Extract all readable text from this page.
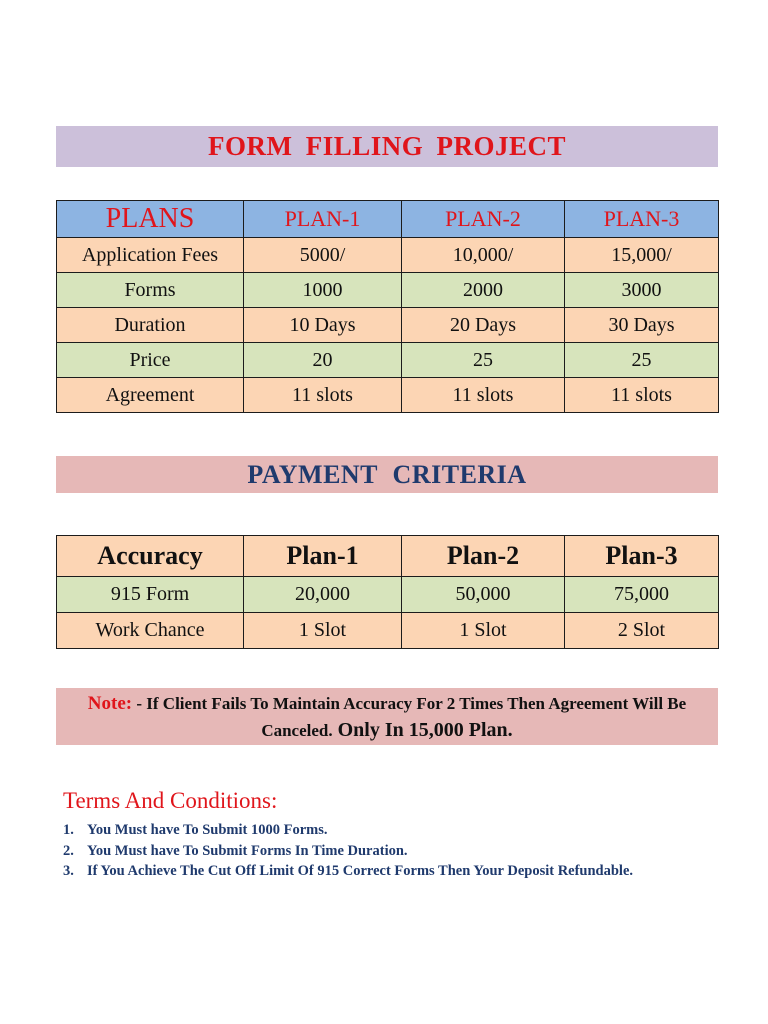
FORM FILLING PROJECT
PLANS	PLAN-1	PLAN-2	PLAN-3
Application Fees	5000/	10,000/	15,000/
Forms	1000	2000	3000
Duration	10 Days	20 Days	30 Days
Price	20	25	25
Agreement	11 slots	11 slots	11 slots
PAYMENT CRITERIA
Accuracy	Plan-1	Plan-2	Plan-3
915 Form	20,000	50,000	75,000
Work Chance	1 Slot	1 Slot	2 Slot
Note: - If Client Fails To Maintain Accuracy For 2 Times Then Agreement Will Be Canceled. Only In 15,000 Plan.
Terms And Conditions:
1. You Must have To Submit 1000 Forms.
2. You Must have To Submit Forms In Time Duration.
3. If You Achieve The Cut Off Limit Of 915 Correct Forms Then Your Deposit Refundable.
